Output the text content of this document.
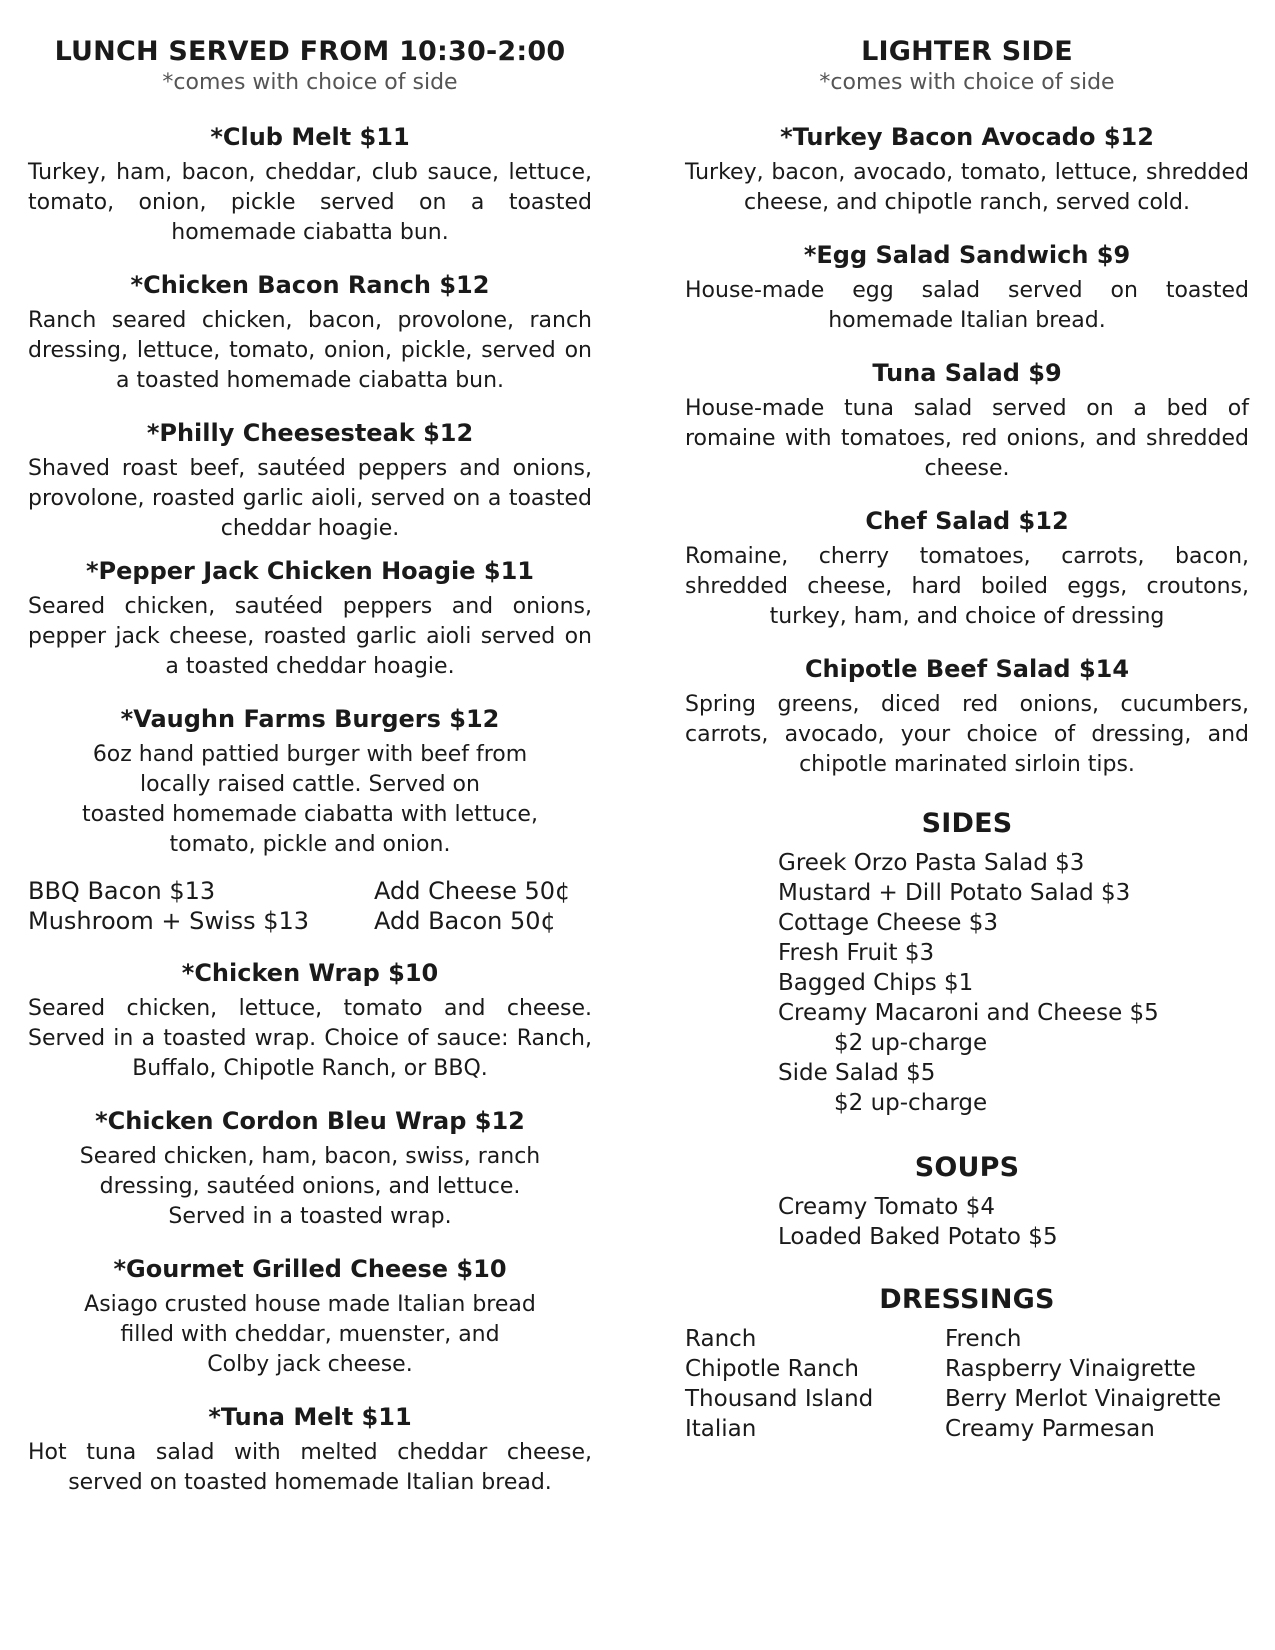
LUNCH SERVED FROM 10:30-2:00

*comes with choice of side

*Club Melt $11

Turkey, ham, bacon, cheddar, club sauce, lettuce, tomato, onion, pickle served on a toasted homemade ciabatta bun.

*Chicken Bacon Ranch $12

Ranch seared chicken, bacon, provolone, ranch dressing, lettuce, tomato, onion, pickle, served on a toasted homemade ciabatta bun.

*Philly Cheesesteak $12

Shaved roast beef, sautéed peppers and onions, provolone, roasted garlic aioli, served on a toasted cheddar hoagie.

*Pepper Jack Chicken Hoagie $11

Seared chicken, sautéed peppers and onions, pepper jack cheese, roasted garlic aioli served on a toasted cheddar hoagie.

*Vaughn Farms Burgers $12

6oz hand pattied burger with beef from
locally raised cattle. Served on
toasted homemade ciabatta with lettuce,
tomato, pickle and onion.
BBQ Bacon $13	Add Cheese 50¢
Mushroom + Swiss $13	Add Bacon 50¢

*Chicken Wrap $10

Seared chicken, lettuce, tomato and cheese. Served in a toasted wrap. Choice of sauce: Ranch, Buffalo, Chipotle Ranch, or BBQ.

*Chicken Cordon Bleu Wrap $12

Seared chicken, ham, bacon, swiss, ranch
dressing, sautéed onions, and lettuce.
Served in a toasted wrap.

*Gourmet Grilled Cheese $10

Asiago crusted house made Italian bread
filled with cheddar, muenster, and
Colby jack cheese.

*Tuna Melt $11

Hot tuna salad with melted cheddar cheese, served on toasted homemade Italian bread.

LIGHTER SIDE

*comes with choice of side

*Turkey Bacon Avocado $12

Turkey, bacon, avocado, tomato, lettuce, shredded cheese, and chipotle ranch, served cold.

*Egg Salad Sandwich $9

House-made egg salad served on toasted homemade Italian bread.

Tuna Salad $9

House-made tuna salad served on a bed of romaine with tomatoes, red onions, and shredded cheese.

Chef Salad $12

Romaine, cherry tomatoes, carrots, bacon, shredded cheese, hard boiled eggs, croutons, turkey, ham, and choice of dressing

Chipotle Beef Salad $14

Spring greens, diced red onions, cucumbers, carrots, avocado, your choice of dressing, and chipotle marinated sirloin tips.

SIDES
Greek Orzo Pasta Salad $3
Mustard + Dill Potato Salad $3
Cottage Cheese $3
Fresh Fruit $3
Bagged Chips $1
Creamy Macaroni and Cheese $5
$2 up-charge
Side Salad $5
$2 up-charge
SOUPS
Creamy Tomato $4
Loaded Baked Potato $5
DRESSINGS
Ranch	French
Chipotle Ranch	Raspberry Vinaigrette
Thousand Island	Berry Merlot Vinaigrette
Italian	Creamy Parmesan
